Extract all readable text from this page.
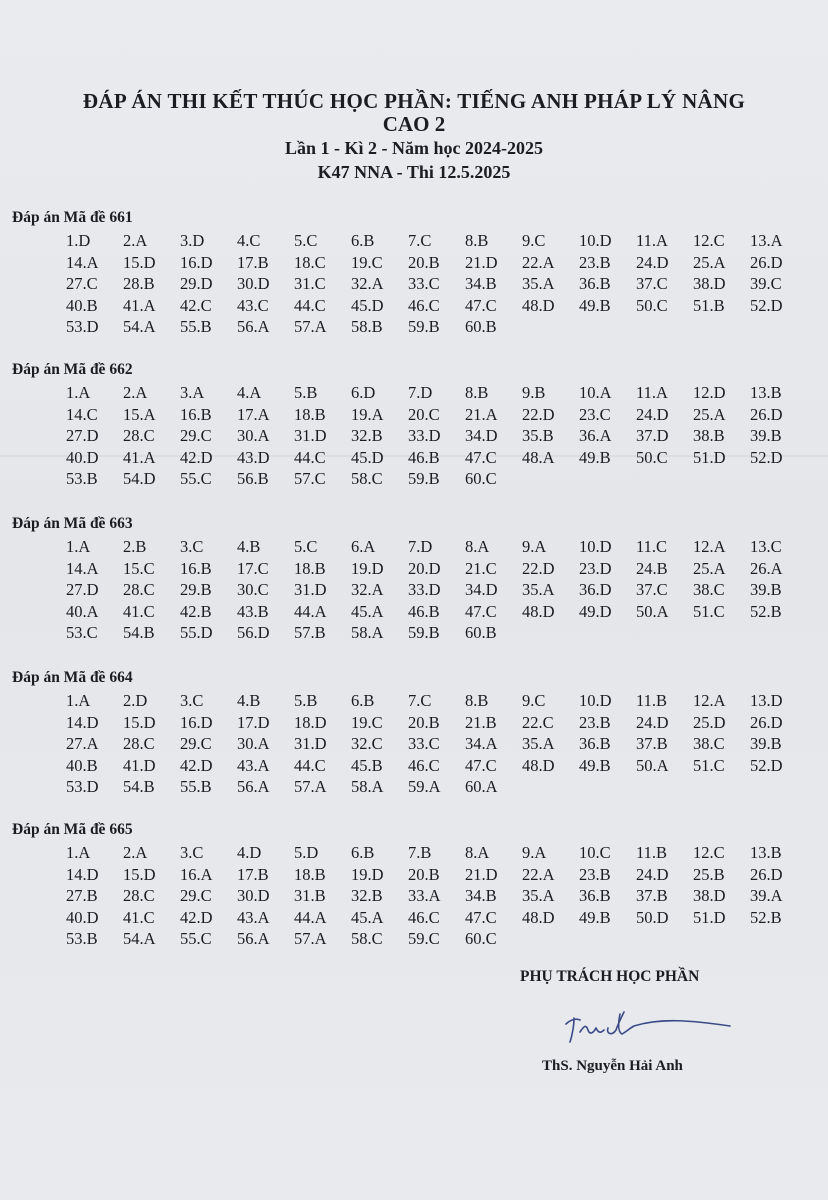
ĐÁP ÁN THI KẾT THÚC HỌC PHẦN: TIẾNG ANH PHÁP LÝ NÂNG
CAO 2
Lần 1 - Kì 2 - Năm học 2024-2025
K47 NNA - Thi 12.5.2025
Đáp án Mã đề 661
1.D	2.A	3.D	4.C	5.C	6.B	7.C	8.B	9.C	10.D	11.A	12.C	13.A
14.A	15.D	16.D	17.B	18.C	19.C	20.B	21.D	22.A	23.B	24.D	25.A	26.D
27.C	28.B	29.D	30.D	31.C	32.A	33.C	34.B	35.A	36.B	37.C	38.D	39.C
40.B	41.A	42.C	43.C	44.C	45.D	46.C	47.C	48.D	49.B	50.C	51.B	52.D
53.D	54.A	55.B	56.A	57.A	58.B	59.B	60.B
Đáp án Mã đề 662
1.A	2.A	3.A	4.A	5.B	6.D	7.D	8.B	9.B	10.A	11.A	12.D	13.B
14.C	15.A	16.B	17.A	18.B	19.A	20.C	21.A	22.D	23.C	24.D	25.A	26.D
27.D	28.C	29.C	30.A	31.D	32.B	33.D	34.D	35.B	36.A	37.D	38.B	39.B
40.D	41.A	42.D	43.D	44.C	45.D	46.B	47.C	48.A	49.B	50.C	51.D	52.D
53.B	54.D	55.C	56.B	57.C	58.C	59.B	60.C
Đáp án Mã đề 663
1.A	2.B	3.C	4.B	5.C	6.A	7.D	8.A	9.A	10.D	11.C	12.A	13.C
14.A	15.C	16.B	17.C	18.B	19.D	20.D	21.C	22.D	23.D	24.B	25.A	26.A
27.D	28.C	29.B	30.C	31.D	32.A	33.D	34.D	35.A	36.D	37.C	38.C	39.B
40.A	41.C	42.B	43.B	44.A	45.A	46.B	47.C	48.D	49.D	50.A	51.C	52.B
53.C	54.B	55.D	56.D	57.B	58.A	59.B	60.B
Đáp án Mã đề 664
1.A	2.D	3.C	4.B	5.B	6.B	7.C	8.B	9.C	10.D	11.B	12.A	13.D
14.D	15.D	16.D	17.D	18.D	19.C	20.B	21.B	22.C	23.B	24.D	25.D	26.D
27.A	28.C	29.C	30.A	31.D	32.C	33.C	34.A	35.A	36.B	37.B	38.C	39.B
40.B	41.D	42.D	43.A	44.C	45.B	46.C	47.C	48.D	49.B	50.A	51.C	52.D
53.D	54.B	55.B	56.A	57.A	58.A	59.A	60.A
Đáp án Mã đề 665
1.A	2.A	3.C	4.D	5.D	6.B	7.B	8.A	9.A	10.C	11.B	12.C	13.B
14.D	15.D	16.A	17.B	18.B	19.D	20.B	21.D	22.A	23.B	24.D	25.B	26.D
27.B	28.C	29.C	30.D	31.B	32.B	33.A	34.B	35.A	36.B	37.B	38.D	39.A
40.D	41.C	42.D	43.A	44.A	45.A	46.C	47.C	48.D	49.B	50.D	51.D	52.B
53.B	54.A	55.C	56.A	57.A	58.C	59.C	60.C
PHỤ TRÁCH HỌC PHẦN
ThS. Nguyễn Hải Anh
